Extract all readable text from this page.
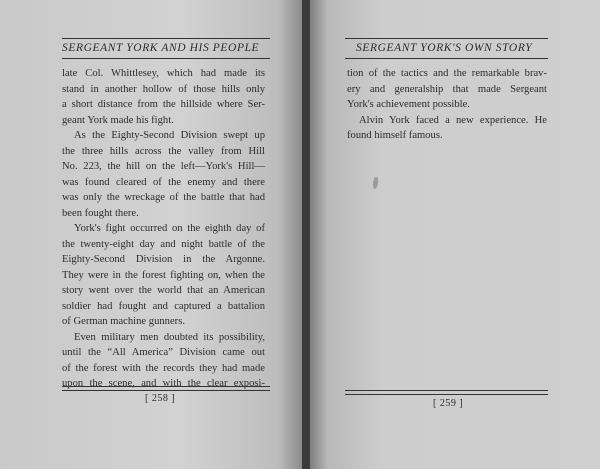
SERGEANT YORK AND HIS PEOPLE
late Col. Whittlesey, which had made its
stand in another hollow of those hills only
a short distance from the hillside where Ser-
geant York made his fight.
As the Eighty-Second Division swept up
the three hills across the valley from Hill
No. 223, the hill on the left—York's Hill—
was found cleared of the enemy and there
was only the wreckage of the battle that had
been fought there.
York's fight occurred on the eighth day of
the twenty-eight day and night battle of the
Eighty-Second Division in the Argonne.
They were in the forest fighting on, when the
story went over the world that an American
soldier had fought and captured a battalion
of German machine gunners.
Even military men doubted its possibility,
until the “All America” Division came out
of the forest with the records they had made
upon the scene, and with the clear exposi-
[ 258 ]
SERGEANT YORK'S OWN STORY
tion of the tactics and the remarkable brav-
ery and generalship that made Sergeant
York's achievement possible.
Alvin York faced a new experience. He
found himself famous.
[ 259 ]
